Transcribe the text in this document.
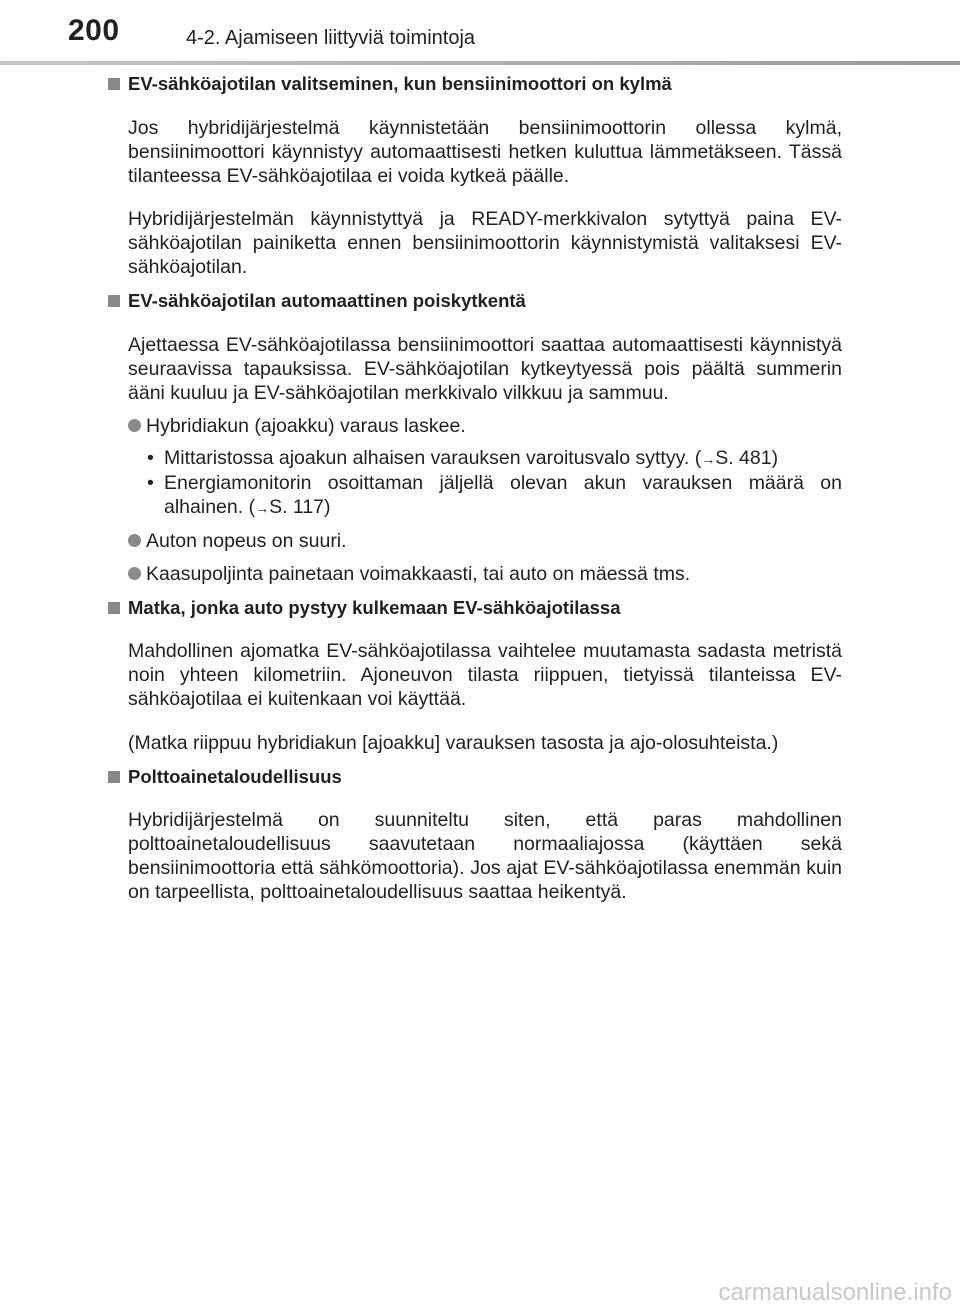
200	4-2. Ajamiseen liittyviä toimintoja
EV-sähköajotilan valitseminen, kun bensiinimoottori on kylmä

Jos hybridijärjestelmä käynnistetään bensiinimoottorin ollessa kylmä, bensiinimoottori käynnistyy automaattisesti hetken kuluttua lämmetäkseen. Tässä tilanteessa EV-sähköajotilaa ei voida kytkeä päälle.

Hybridijärjestelmän käynnistyttyä ja READY-merkkivalon sytyttyä paina EV-sähköajotilan painiketta ennen bensiinimoottorin käynnistymistä valitaksesi EV-sähköajotilan.

EV-sähköajotilan automaattinen poiskytkentä

Ajettaessa EV-sähköajotilassa bensiinimoottori saattaa automaattisesti käynnistyä seuraavissa tapauksissa. EV-sähköajotilan kytkeytyessä pois päältä summerin ääni kuuluu ja EV-sähköajotilan merkkivalo vilkkuu ja sammuu.

Hybridiakun (ajoakku) varaus laskee.
• Mittaristossa ajoakun alhaisen varauksen varoitusvalo syttyy. (→S. 481)
• Energiamonitorin osoittaman jäljellä olevan akun varauksen määrä on alhainen. (→S. 117)
Auton nopeus on suuri.
Kaasupoljinta painetaan voimakkaasti, tai auto on mäessä tms.
Matka, jonka auto pystyy kulkemaan EV-sähköajotilassa

Mahdollinen ajomatka EV-sähköajotilassa vaihtelee muutamasta sadasta metristä noin yhteen kilometriin. Ajoneuvon tilasta riippuen, tietyissä tilanteissa EV-sähköajotilaa ei kuitenkaan voi käyttää.

(Matka riippuu hybridiakun [ajoakku] varauksen tasosta ja ajo-olosuhteista.)

Polttoainetaloudellisuus

Hybridijärjestelmä on suunniteltu siten, että paras mahdollinen polttoainetaloudellisuus saavutetaan normaaliajossa (käyttäen sekä bensiinimoottoria että sähkömoottoria). Jos ajat EV-sähköajotilassa enemmän kuin on tarpeellista, polttoainetaloudellisuus saattaa heikentyä.

carmanualsonline.info
